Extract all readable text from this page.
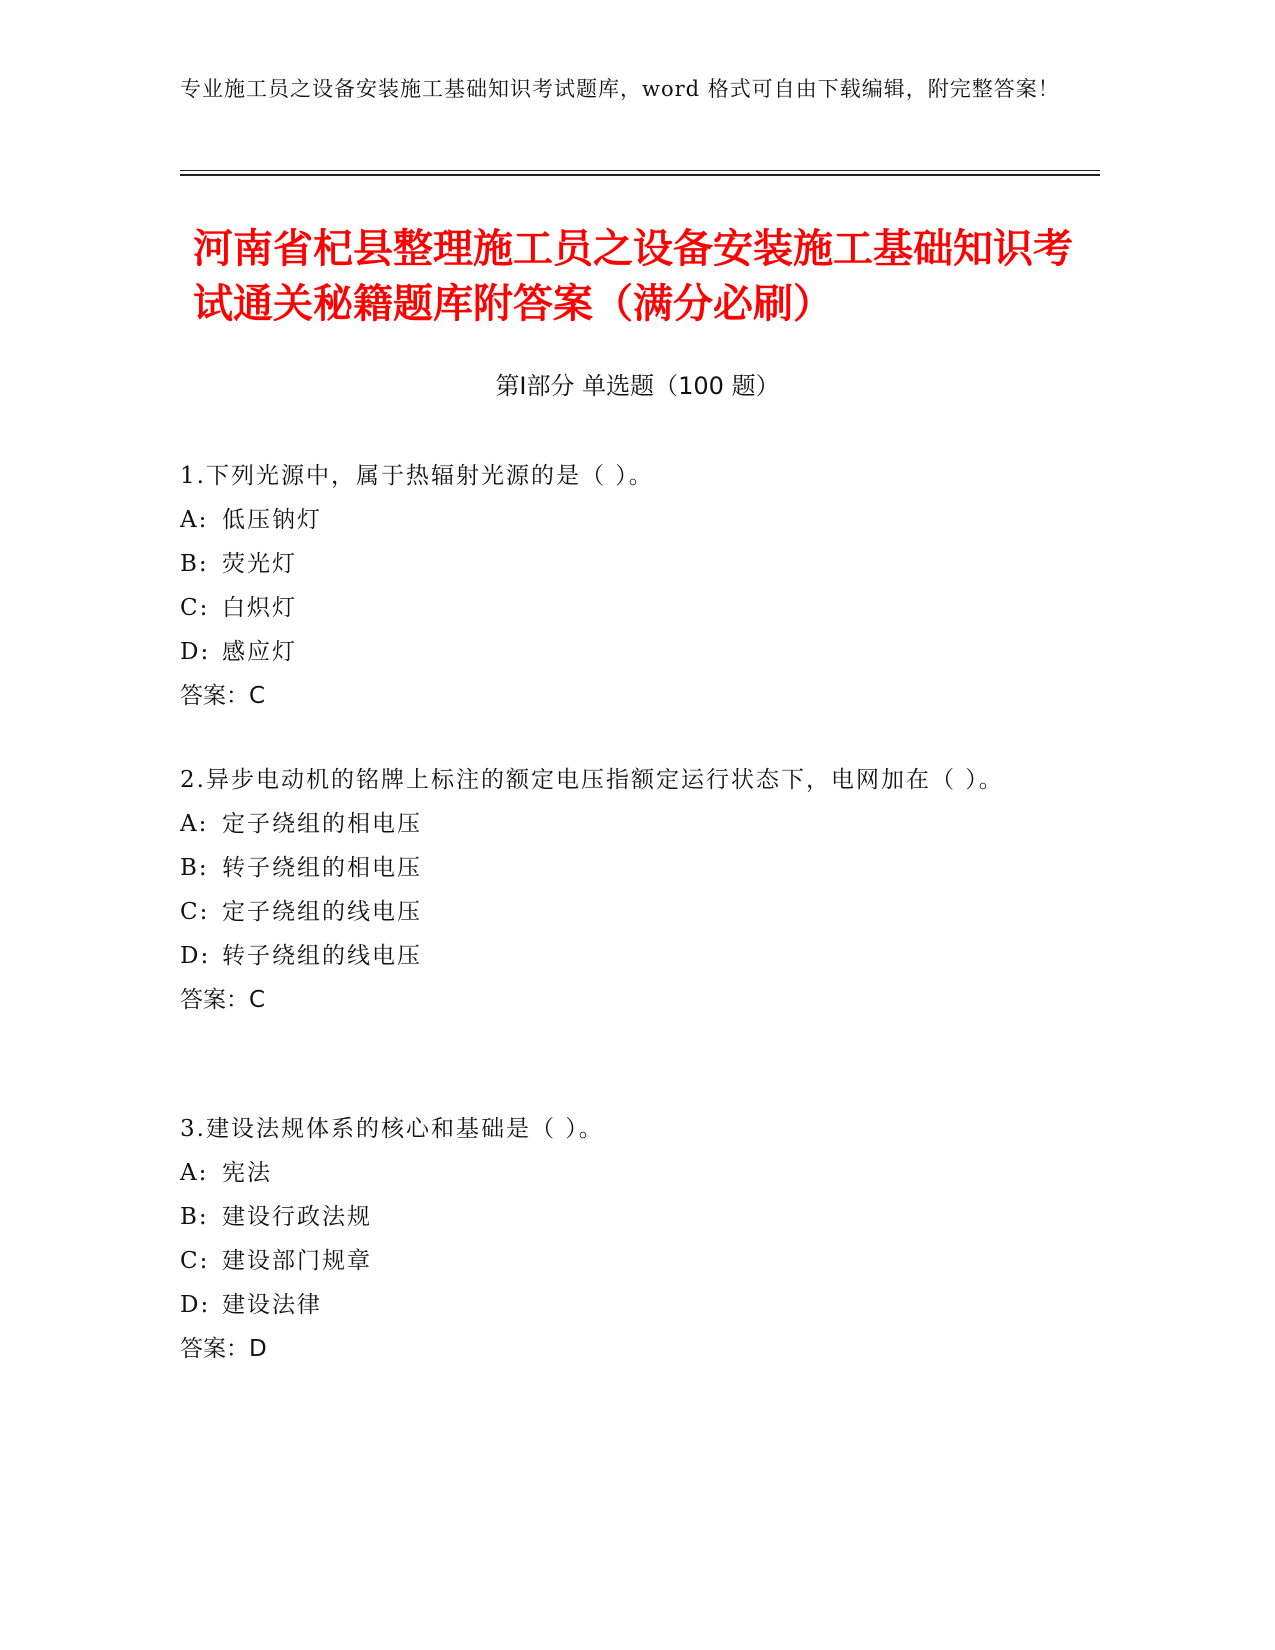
专业施工员之设备安装施工基础知识考试题库，word 格式可自由下载编辑，附完整答案！
河南省杞县整理施工员之设备安装施工基础知识考试通关秘籍题库附答案（满分必刷）
第Ⅰ部分 单选题（100 题）
1.下列光源中，属于热辐射光源的是（ ）。
A: 低压钠灯
B: 荧光灯
C: 白炽灯
D: 感应灯
答案：C
2.异步电动机的铭牌上标注的额定电压指额定运行状态下，电网加在（ ）。
A: 定子绕组的相电压
B: 转子绕组的相电压
C: 定子绕组的线电压
D: 转子绕组的线电压
答案：C
3.建设法规体系的核心和基础是（ ）。
A: 宪法
B: 建设行政法规
C: 建设部门规章
D: 建设法律
答案：D
